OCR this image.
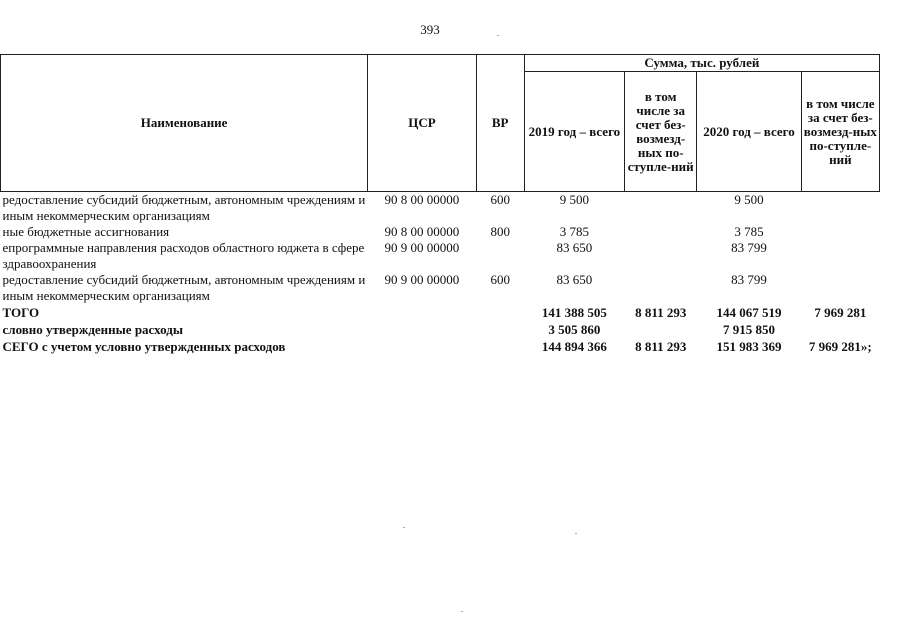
393
Наименование	ЦСР	ВР	Сумма, тыс. рублей			
			2019 год – всего	в том числе за счет без-возмезд-ных по-ступле-ний	2020 год – всего	в том числе за счет без-возмезд-ных по-ступле-ний
редоставление субсидий бюджетным, автономным чреждениям и иным некоммерческим организациям	90 8 00 00000	600	9 500		9 500	
ные бюджетные ассигнования	90 8 00 00000	800	3 785		3 785	
епрограммные направления расходов областного юджета в сфере здравоохранения	90 9 00 00000		83 650		83 799	
редоставление субсидий бюджетным, автономным чреждениям и иным некоммерческим организациям	90 9 00 00000	600	83 650		83 799	
ТОГО			141 388 505	8 811 293	144 067 519	7 969 281
словно утвержденные расходы			3 505 860		7 915 850	
СЕГО с учетом условно утвержденных расходов			144 894 366	8 811 293	151 983 369	7 969 281»;
